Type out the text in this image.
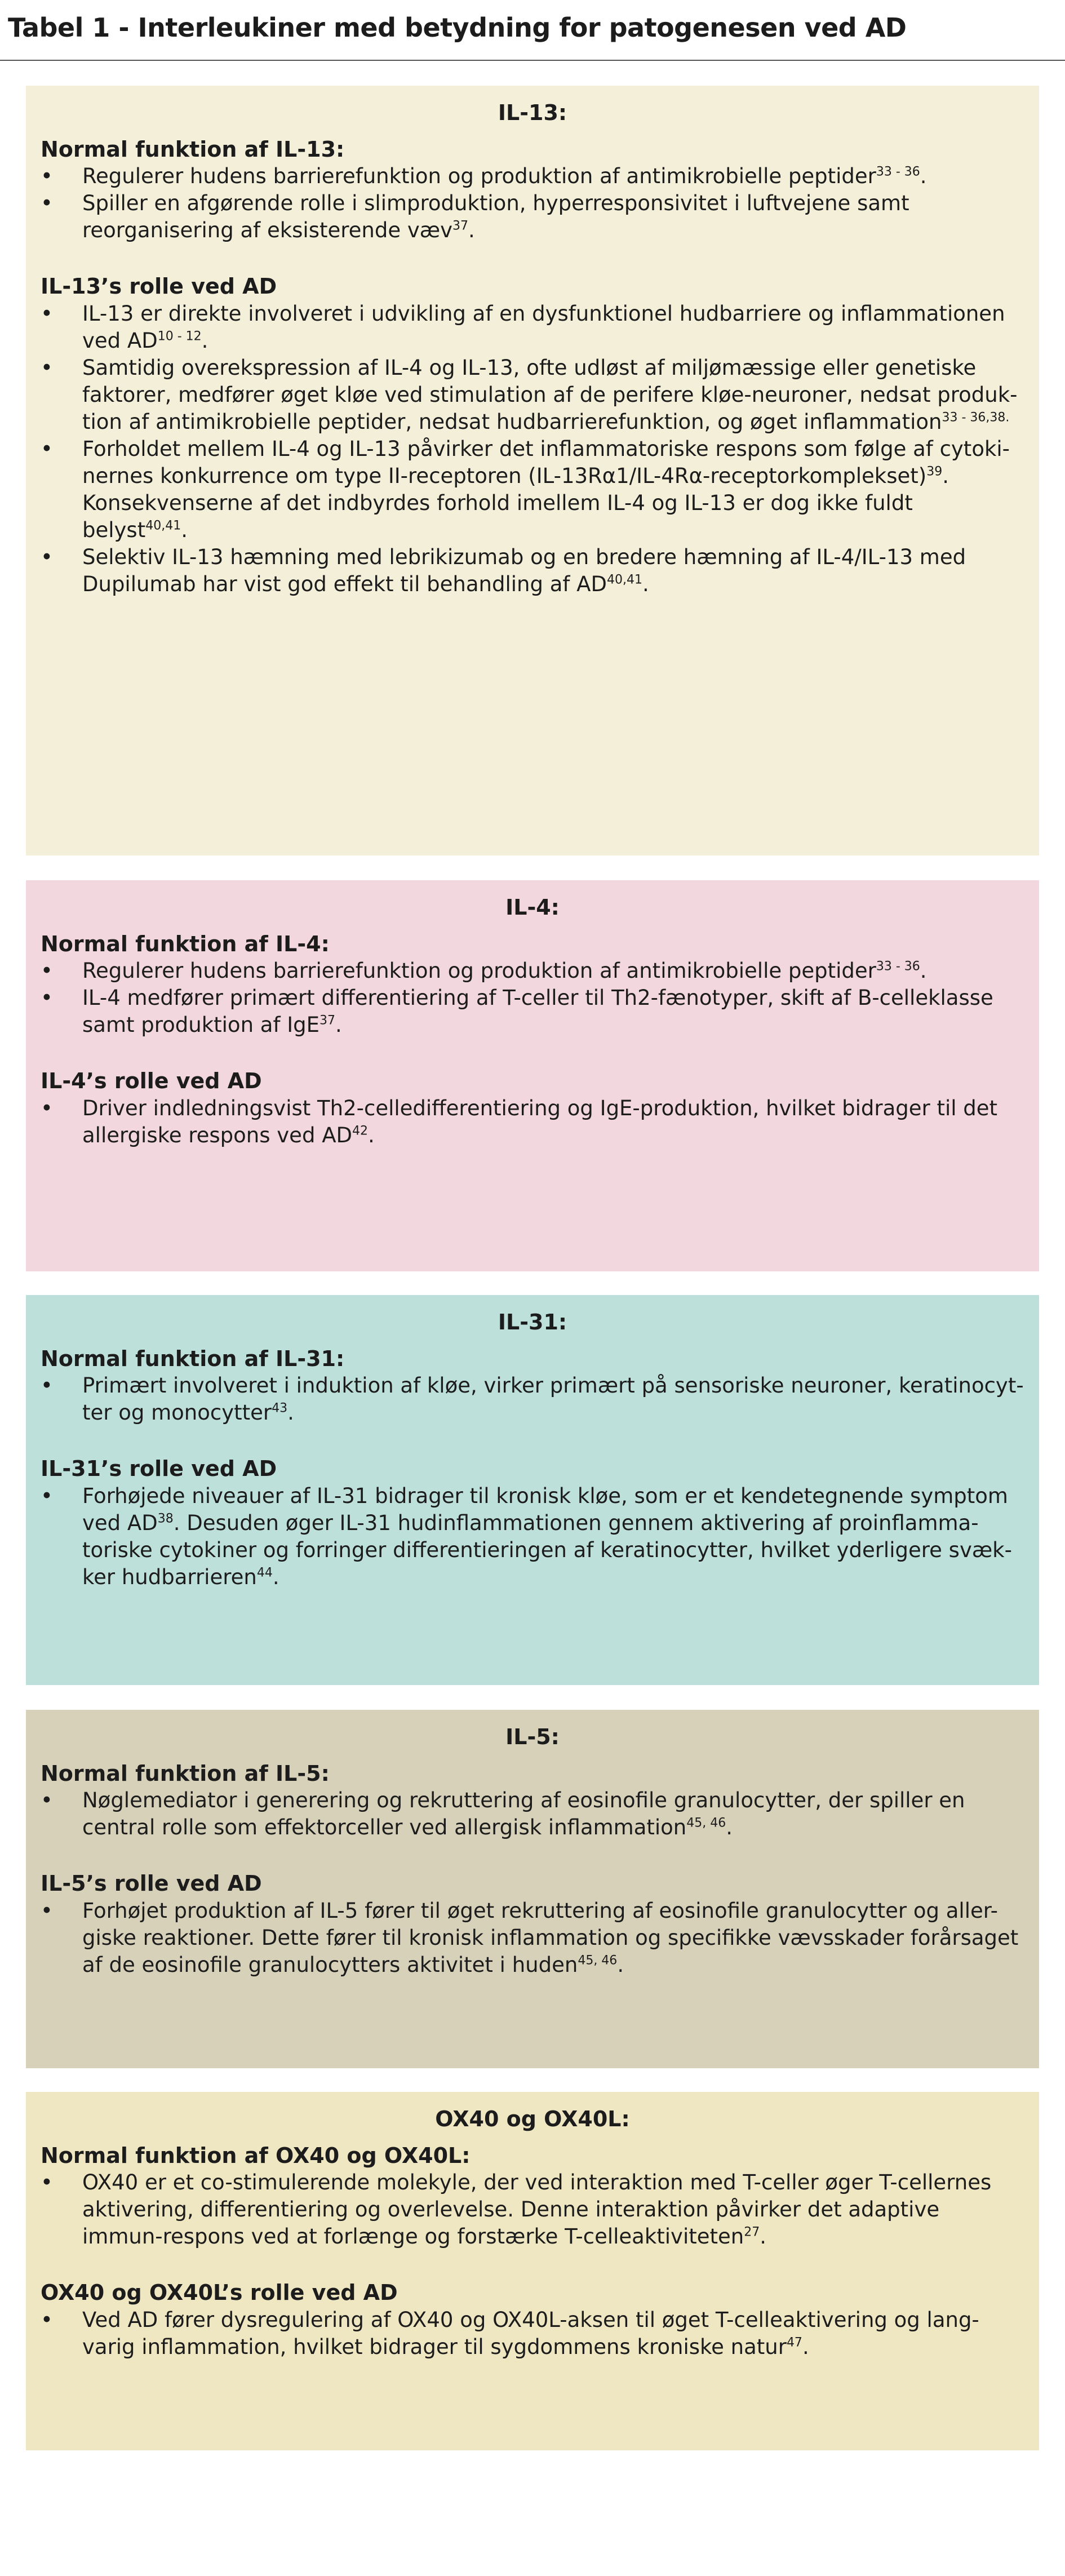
Tabel 1 - Interleukiner med betydning for patogenesen ved AD
IL-13:
Normal funktion af IL-13:
• Regulerer hudens barrierefunktion og produktion af antimikrobielle peptider$^{33 - 36}$.
• Spiller en afgørende rolle i slimproduktion, hyperresponsivitet i luftvejene samt reorganisering af eksisterende væv$^{37}$.
IL-13’s rolle ved AD
• IL-13 er direkte involveret i udvikling af en dysfunktionel hudbarriere og inflammationen ved AD$^{10 - 12}$.
• Samtidig overekspression af IL-4 og IL-13, ofte udløst af miljømæssige eller genetiske faktorer, medfører øget kløe ved stimulation af de perifere kløe-neuroner, nedsat produk-tion af antimikrobielle peptider, nedsat hudbarrierefunktion, og øget inflammation$^{33 - 36,38.}$
• Forholdet mellem IL-4 og IL-13 påvirker det inflammatoriske respons som følge af cytoki-nernes konkurrence om type II-receptoren (IL-13Rα1/IL-4Rα-receptorkomplekset)$^{39}$. Konsekvenserne af det indbyrdes forhold imellem IL-4 og IL-13 er dog ikke fuldt belyst$^{40,41}$.
• Selektiv IL-13 hæmning med lebrikizumab og en bredere hæmning af IL-4/IL-13 med Dupilumab har vist god effekt til behandling af AD$^{40,41}$.
IL-4:
Normal funktion af IL-4:
• Regulerer hudens barrierefunktion og produktion af antimikrobielle peptider$^{33 - 36}$.
• IL-4 medfører primært differentiering af T-celler til Th2-fænotyper, skift af B-celleklasse samt produktion af IgE$^{37}$.
IL-4’s rolle ved AD
• Driver indledningsvist Th2-celledifferentiering og IgE-produktion, hvilket bidrager til det allergiske respons ved AD$^{42}$.
IL-31:
Normal funktion af IL-31:
• Primært involveret i induktion af kløe, virker primært på sensoriske neuroner, keratinocyt-ter og monocytter$^{43}$.
IL-31’s rolle ved AD
• Forhøjede niveauer af IL-31 bidrager til kronisk kløe, som er et kendetegnende symptom ved AD$^{38}$. Desuden øger IL-31 hudinflammationen gennem aktivering af proinflamma-toriske cytokiner og forringer differentieringen af keratinocytter, hvilket yderligere svæk-ker hudbarrieren$^{44}$.
IL-5:
Normal funktion af IL-5:
• Nøglemediator i generering og rekruttering af eosinofile granulocytter, der spiller en central rolle som effektorceller ved allergisk inflammation$^{45, 46}$.
IL-5’s rolle ved AD
• Forhøjet produktion af IL-5 fører til øget rekruttering af eosinofile granulocytter og aller-giske reaktioner. Dette fører til kronisk inflammation og specifikke vævsskader forårsaget af de eosinofile granulocytters aktivitet i huden$^{45, 46}$.
OX40 og OX40L:
Normal funktion af OX40 og OX40L:
• OX40 er et co-stimulerende molekyle, der ved interaktion med T-celler øger T-cellernes aktivering, differentiering og overlevelse. Denne interaktion påvirker det adaptive immun-respons ved at forlænge og forstærke T-celleaktiviteten$^{27}$.
OX40 og OX40L’s rolle ved AD
• Ved AD fører dysregulering af OX40 og OX40L-aksen til øget T-celleaktivering og lang-varig inflammation, hvilket bidrager til sygdommens kroniske natur$^{47}$.
